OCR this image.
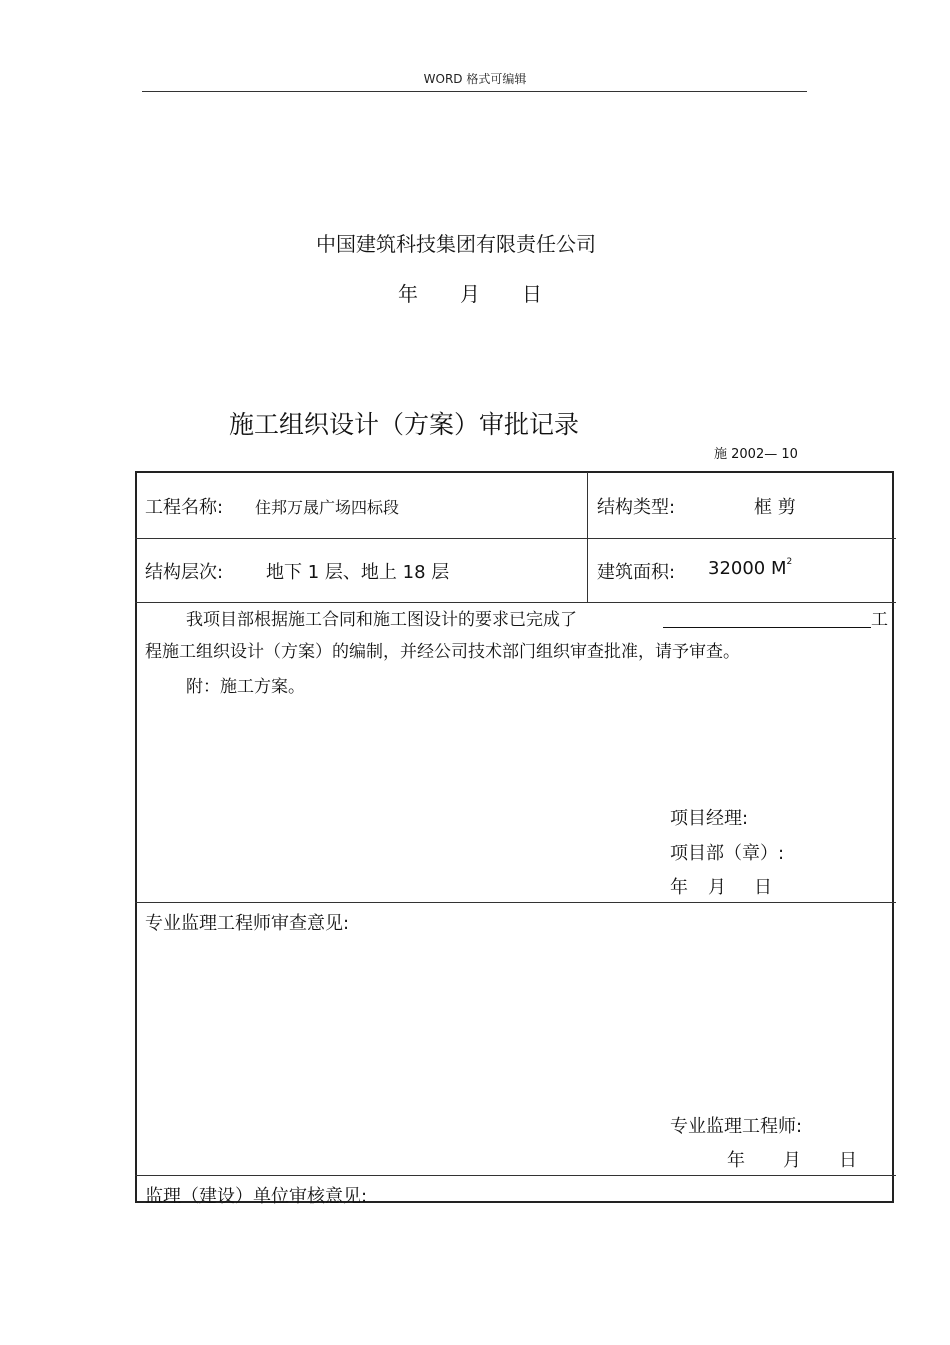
WORD 格式可编辑
中国建筑科技集团有限责任公司
年 月 日
施工组织设计（方案）审批记录
施 2002— 10
工程名称: 住邦万晟广场四标段	结构类型:	框 剪
结构层次: 地下 1 层、地上 18 层	建筑面积: 32000 $M^2$
我项目部根据施工合同和施工图设计的要求已完成了	工
程施工组织设计（方案）的编制，并经公司技术部门组织审查批准，请予审查。
附：施工方案。
项目经理:
项目部（章）:
年 月 日
专业监理工程师审查意见:
专业监理工程师:
年 月 日
监理（建设）单位审核意见:
